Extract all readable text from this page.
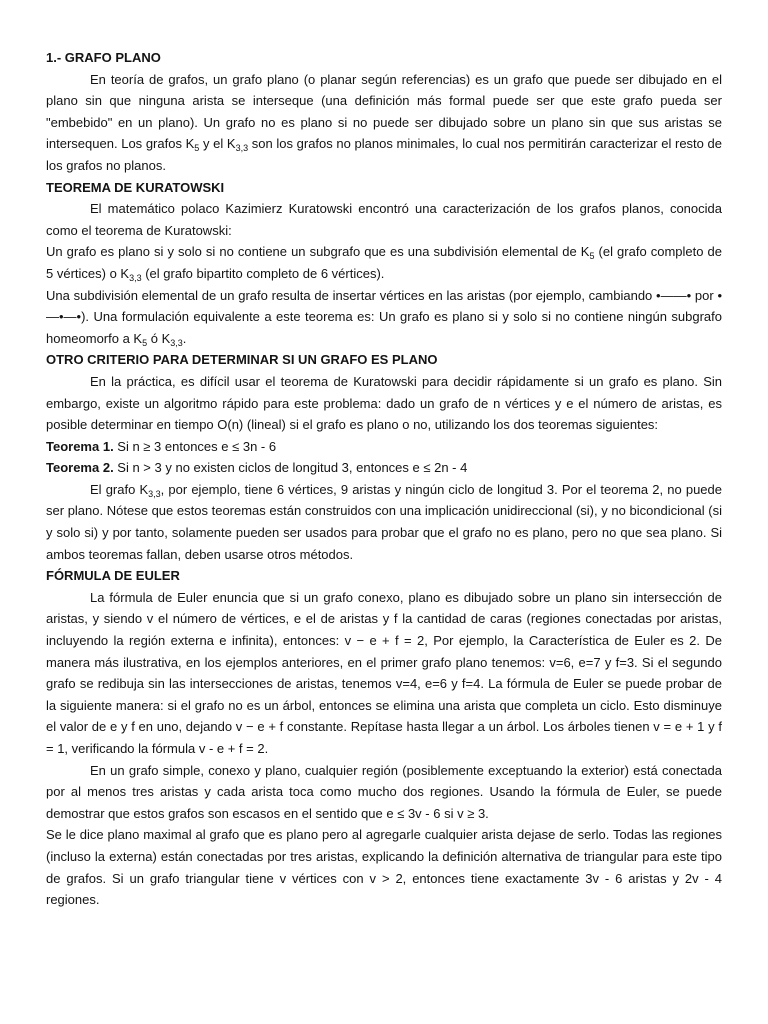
1.- GRAFO PLANO

En teoría de grafos, un grafo plano (o planar según referencias) es un grafo que puede ser dibujado en el plano sin que ninguna arista se interseque (una definición más formal puede ser que este grafo pueda ser "embebido" en un plano). Un grafo no es plano si no puede ser dibujado sobre un plano sin que sus aristas se intersequen. Los grafos $K_5$ y el $K_{3,3}$ son los grafos no planos minimales, lo cual nos permitirán caracterizar el resto de los grafos no planos.

TEOREMA DE KURATOWSKI

El matemático polaco Kazimierz Kuratowski encontró una caracterización de los grafos planos, conocida como el teorema de Kuratowski:

Un grafo es plano si y solo si no contiene un subgrafo que es una subdivisión elemental de $K_5$ (el grafo completo de 5 vértices) o $K_{3,3}$ (el grafo bipartito completo de 6 vértices).

Una subdivisión elemental de un grafo resulta de insertar vértices en las aristas (por ejemplo, cambiando •——• por •—•—•). Una formulación equivalente a este teorema es: Un grafo es plano si y solo si no contiene ningún subgrafo homeomorfo a $K_5$ ó $K_{3,3}$.

OTRO CRITERIO PARA DETERMINAR SI UN GRAFO ES PLANO

En la práctica, es difícil usar el teorema de Kuratowski para decidir rápidamente si un grafo es plano. Sin embargo, existe un algoritmo rápido para este problema: dado un grafo de n vértices y e el número de aristas, es posible determinar en tiempo O(n) (lineal) si el grafo es plano o no, utilizando los dos teoremas siguientes:

Teorema 1. Si n ≥ 3 entonces e ≤ 3n - 6

Teorema 2. Si n > 3 y no existen ciclos de longitud 3, entonces e ≤ 2n - 4

El grafo $K_{3,3}$, por ejemplo, tiene 6 vértices, 9 aristas y ningún ciclo de longitud 3. Por el teorema 2, no puede ser plano. Nótese que estos teoremas están construidos con una implicación unidireccional (si), y no bicondicional (si y solo si) y por tanto, solamente pueden ser usados para probar que el grafo no es plano, pero no que sea plano. Si ambos teoremas fallan, deben usarse otros métodos.

FÓRMULA DE EULER

La fórmula de Euler enuncia que si un grafo conexo, plano es dibujado sobre un plano sin intersección de aristas, y siendo v el número de vértices, e el de aristas y f la cantidad de caras (regiones conectadas por aristas, incluyendo la región externa e infinita), entonces: v − e + f = 2, Por ejemplo, la Característica de Euler es 2. De manera más ilustrativa, en los ejemplos anteriores, en el primer grafo plano tenemos: v=6, e=7 y f=3. Si el segundo grafo se redibuja sin las intersecciones de aristas, tenemos v=4, e=6 y f=4. La fórmula de Euler se puede probar de la siguiente manera: si el grafo no es un árbol, entonces se elimina una arista que completa un ciclo. Esto disminuye el valor de e y f en uno, dejando v − e + f constante. Repítase hasta llegar a un árbol. Los árboles tienen v = e + 1 y f = 1, verificando la fórmula v - e + f = 2.

En un grafo simple, conexo y plano, cualquier región (posiblemente exceptuando la exterior) está conectada por al menos tres aristas y cada arista toca como mucho dos regiones. Usando la fórmula de Euler, se puede demostrar que estos grafos son escasos en el sentido que e ≤ 3v - 6 si v ≥ 3.

Se le dice plano maximal al grafo que es plano pero al agregarle cualquier arista dejase de serlo. Todas las regiones (incluso la externa) están conectadas por tres aristas, explicando la definición alternativa de triangular para este tipo de grafos. Si un grafo triangular tiene v vértices con v > 2, entonces tiene exactamente 3v - 6 aristas y 2v - 4 regiones.
